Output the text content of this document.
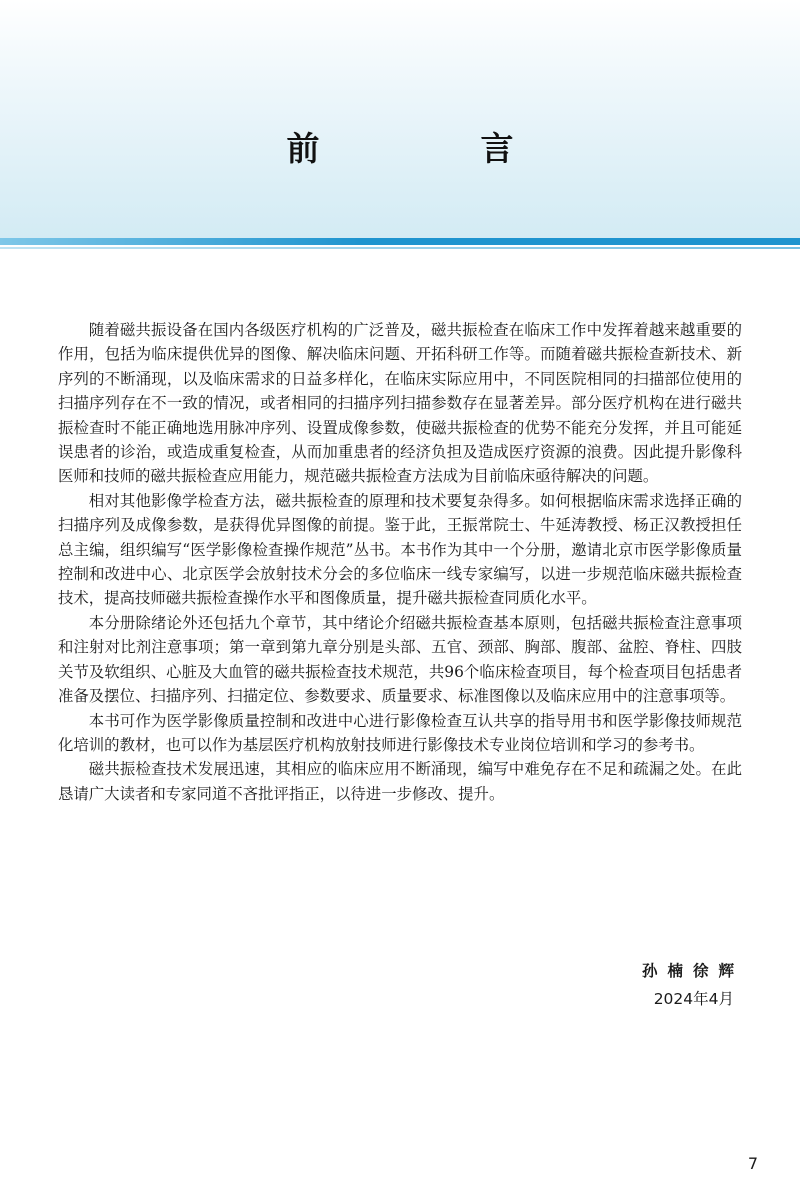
前　言

随着磁共振设备在国内各级医疗机构的广泛普及，磁共振检查在临床工作中发挥着越来越重要的作用，包括为临床提供优异的图像、解决临床问题、开拓科研工作等。而随着磁共振检查新技术、新序列的不断涌现，以及临床需求的日益多样化，在临床实际应用中，不同医院相同的扫描部位使用的扫描序列存在不一致的情况，或者相同的扫描序列扫描参数存在显著差异。部分医疗机构在进行磁共振检查时不能正确地选用脉冲序列、设置成像参数，使磁共振检查的优势不能充分发挥，并且可能延误患者的诊治，或造成重复检查，从而加重患者的经济负担及造成医疗资源的浪费。因此提升影像科医师和技师的磁共振检查应用能力，规范磁共振检查方法成为目前临床亟待解决的问题。

相对其他影像学检查方法，磁共振检查的原理和技术要复杂得多。如何根据临床需求选择正确的扫描序列及成像参数，是获得优异图像的前提。鉴于此，王振常院士、牛延涛教授、杨正汉教授担任总主编，组织编写“医学影像检查操作规范”丛书。本书作为其中一个分册，邀请北京市医学影像质量控制和改进中心、北京医学会放射技术分会的多位临床一线专家编写，以进一步规范临床磁共振检查技术，提高技师磁共振检查操作水平和图像质量，提升磁共振检查同质化水平。

本分册除绪论外还包括九个章节，其中绪论介绍磁共振检查基本原则，包括磁共振检查注意事项和注射对比剂注意事项；第一章到第九章分别是头部、五官、颈部、胸部、腹部、盆腔、脊柱、四肢关节及软组织、心脏及大血管的磁共振检查技术规范，共96个临床检查项目，每个检查项目包括患者准备及摆位、扫描序列、扫描定位、参数要求、质量要求、标准图像以及临床应用中的注意事项等。

本书可作为医学影像质量控制和改进中心进行影像检查互认共享的指导用书和医学影像技师规范化培训的教材，也可以作为基层医疗机构放射技师进行影像技术专业岗位培训和学习的参考书。

磁共振检查技术发展迅速，其相应的临床应用不断涌现，编写中难免存在不足和疏漏之处。在此恳请广大读者和专家同道不吝批评指正，以待进一步修改、提升。

孙楠徐辉
2024年4月
7
